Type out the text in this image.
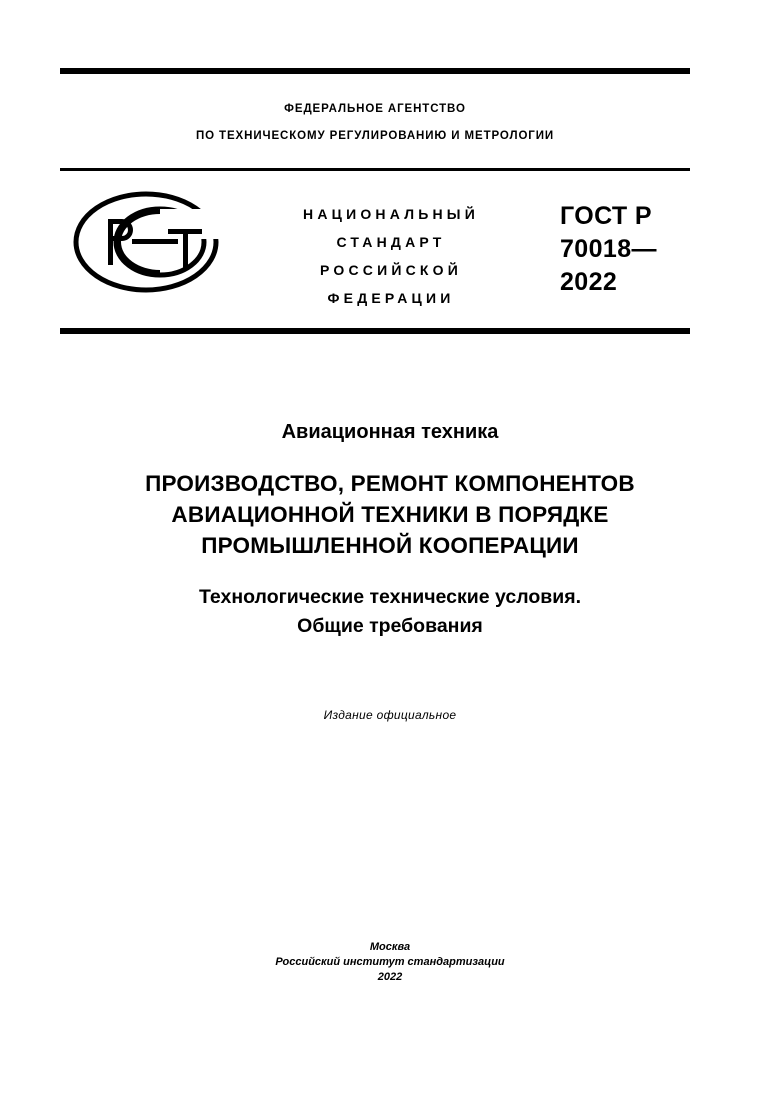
ФЕДЕРАЛЬНОЕ АГЕНТСТВО
ПО ТЕХНИЧЕСКОМУ РЕГУЛИРОВАНИЮ И МЕТРОЛОГИИ
НАЦИОНАЛЬНЫЙ
СТАНДАРТ
РОССИЙСКОЙ
ФЕДЕРАЦИИ
ГОСТ Р
70018—
2022
Авиационная техника
ПРОИЗВОДСТВО, РЕМОНТ КОМПОНЕНТОВ
АВИАЦИОННОЙ ТЕХНИКИ В ПОРЯДКЕ
ПРОМЫШЛЕННОЙ КООПЕРАЦИИ
Технологические технические условия.
Общие требования
Издание официальное
Москва
Российский институт стандартизации
2022
